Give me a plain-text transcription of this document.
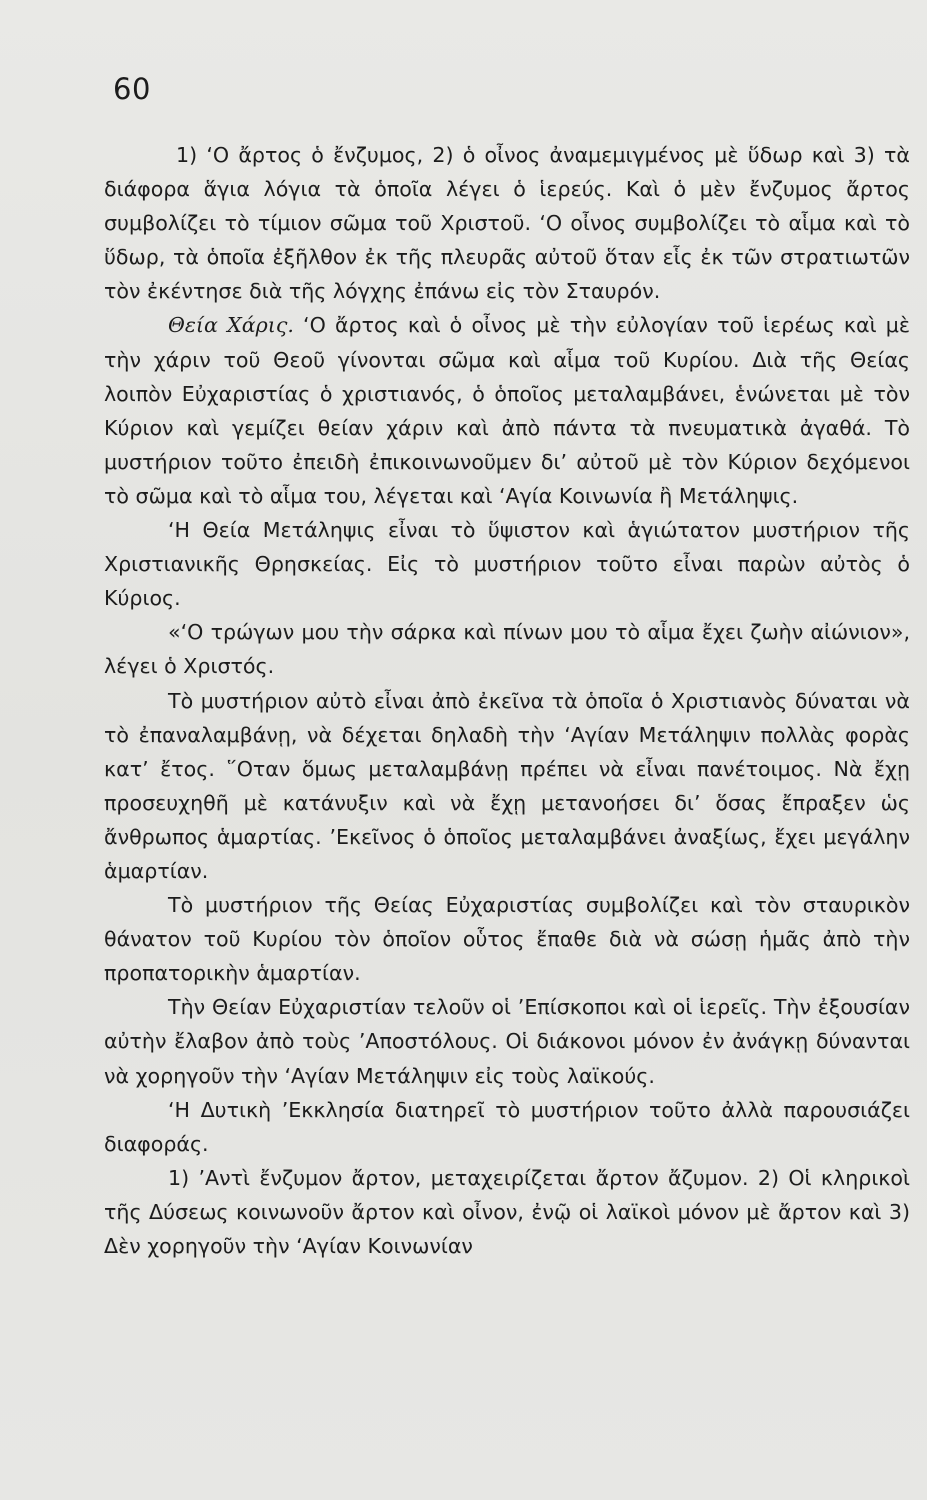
60

1) ‘Ο ἄρτος ὁ ἔνζυμος, 2) ὁ οἶνος ἀναμεμιγμένος μὲ ὕδωρ καὶ 3) τὰ διάφορα ἅγια λόγια τὰ ὁποῖα λέγει ὁ ἱερεύς. Καὶ ὁ μὲν ἔνζυμος ἄρτος συμβολίζει τὸ τίμιον σῶμα τοῦ Χριστοῦ. ‘Ο οἶνος συμβολίζει τὸ αἷμα καὶ τὸ ὕδωρ, τὰ ὁποῖα ἐξῆλθον ἐκ τῆς πλευρᾶς αὐτοῦ ὅταν εἷς ἐκ τῶν στρατιωτῶν τὸν ἐκέντησε διὰ τῆς λόγχης ἐπάνω εἰς τὸν Σταυρόν.

Θεία Χάρις. ‘Ο ἄρτος καὶ ὁ οἶνος μὲ τὴν εὐλογίαν τοῦ ἱερέως καὶ μὲ τὴν χάριν τοῦ Θεοῦ γίνονται σῶμα καὶ αἷμα τοῦ Κυρίου. Διὰ τῆς Θείας λοιπὸν Εὐχαριστίας ὁ χριστιανός, ὁ ὁποῖος μεταλαμβάνει, ἑνώνεται μὲ τὸν Κύριον καὶ γεμίζει θείαν χάριν καὶ ἀπὸ πάντα τὰ πνευματικὰ ἀγαθά. Τὸ μυστήριον τοῦτο ἐπειδὴ ἐπικοινωνοῦμεν δι’ αὐτοῦ μὲ τὸν Κύριον δεχόμενοι τὸ σῶμα καὶ τὸ αἷμα του, λέγεται καὶ ‘Αγία Κοινωνία ἢ Μετάληψις.

‘Η Θεία Μετάληψις εἶναι τὸ ὕψιστον καὶ ἁγιώτατον μυστήριον τῆς Χριστιανικῆς Θρησκείας. Εἰς τὸ μυστήριον τοῦτο εἶναι παρὼν αὐτὸς ὁ Κύριος.

«‘Ο τρώγων μου τὴν σάρκα καὶ πίνων μου τὸ αἷμα ἔχει ζωὴν αἰώνιον», λέγει ὁ Χριστός.

Τὸ μυστήριον αὐτὸ εἶναι ἀπὸ ἐκεῖνα τὰ ὁποῖα ὁ Χριστιανὸς δύναται νὰ τὸ ἐπαναλαμβάνῃ, νὰ δέχεται δηλαδὴ τὴν ‘Αγίαν Μετάληψιν πολλὰς φορὰς κατ’ ἔτος. ῞Οταν ὅμως μεταλαμβάνῃ πρέπει νὰ εἶναι πανέτοιμος. Νὰ ἔχῃ προσευχηθῆ μὲ κατάνυξιν καὶ νὰ ἔχῃ μετανοήσει δι’ ὅσας ἔπραξεν ὡς ἄνθρωπος ἁμαρτίας. ’Εκεῖνος ὁ ὁποῖος μεταλαμβάνει ἀναξίως, ἔχει μεγάλην ἁμαρτίαν.

Τὸ μυστήριον τῆς Θείας Εὐχαριστίας συμβολίζει καὶ τὸν σταυρικὸν θάνατον τοῦ Κυρίου τὸν ὁποῖον οὗτος ἔπαθε διὰ νὰ σώσῃ ἡμᾶς ἀπὸ τὴν προπατορικὴν ἁμαρτίαν.

Τὴν Θείαν Εὐχαριστίαν τελοῦν οἱ ’Επίσκοποι καὶ οἱ ἱερεῖς. Τὴν ἐξουσίαν αὐτὴν ἔλαβον ἀπὸ τοὺς ’Αποστόλους. Οἱ διάκονοι μόνον ἐν ἀνάγκῃ δύνανται νὰ χορηγοῦν τὴν ‘Αγίαν Μετάληψιν εἰς τοὺς λαϊκούς.

‘Η Δυτικὴ ’Εκκλησία διατηρεῖ τὸ μυστήριον τοῦτο ἀλλὰ παρουσιάζει διαφοράς.

1) ’Αντὶ ἔνζυμον ἄρτον, μεταχειρίζεται ἄρτον ἄζυμον. 2) Οἱ κληρικοὶ τῆς Δύσεως κοινωνοῦν ἄρτον καὶ οἶνον, ἐνῷ οἱ λαϊκοὶ μόνον μὲ ἄρτον καὶ 3) Δὲν χορηγοῦν τὴν ‘Αγίαν Κοινωνίαν
